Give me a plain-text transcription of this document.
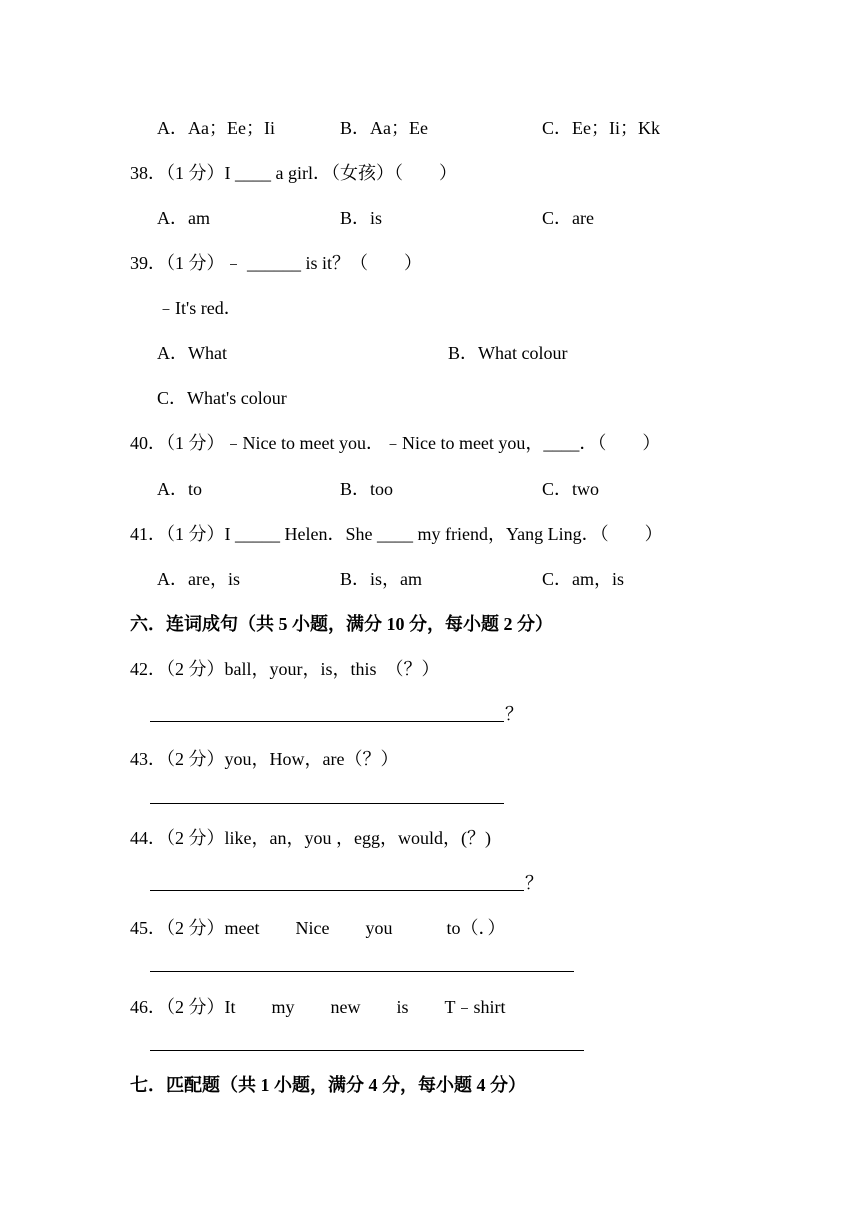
A．Aa；Ee；Ii	B．Aa；Ee	C．Ee；Ii；Kk
38．（1 分）I ____ a girl．（女孩）（　　）
A．am	B．is	C．are
39．（1 分）﹣ ______ is it？（　　）
﹣It's red．
A．What	B．What colour
C．What's colour
40．（1 分）﹣Nice to meet you．﹣Nice to meet you，____．（　　）
A．to	B．too	C．two
41．（1 分）I _____ Helen．She ____ my friend，Yang Ling．（　　）
A．are，is	B．is，am	C．am，is
六．连词成句（共 5 小题，满分 10 分，每小题 2 分）
42．（2 分）ball，your，is，this　（？）
？
43．（2 分）you，How，are（？）
44．（2 分）like，an，you ，egg，would，(？)
？
45．（2 分）meet　　Nice　　you　　　to（．）
46．（2 分）It　　my　　new　　is　　T﹣shirt
七．匹配题（共 1 小题，满分 4 分，每小题 4 分）
